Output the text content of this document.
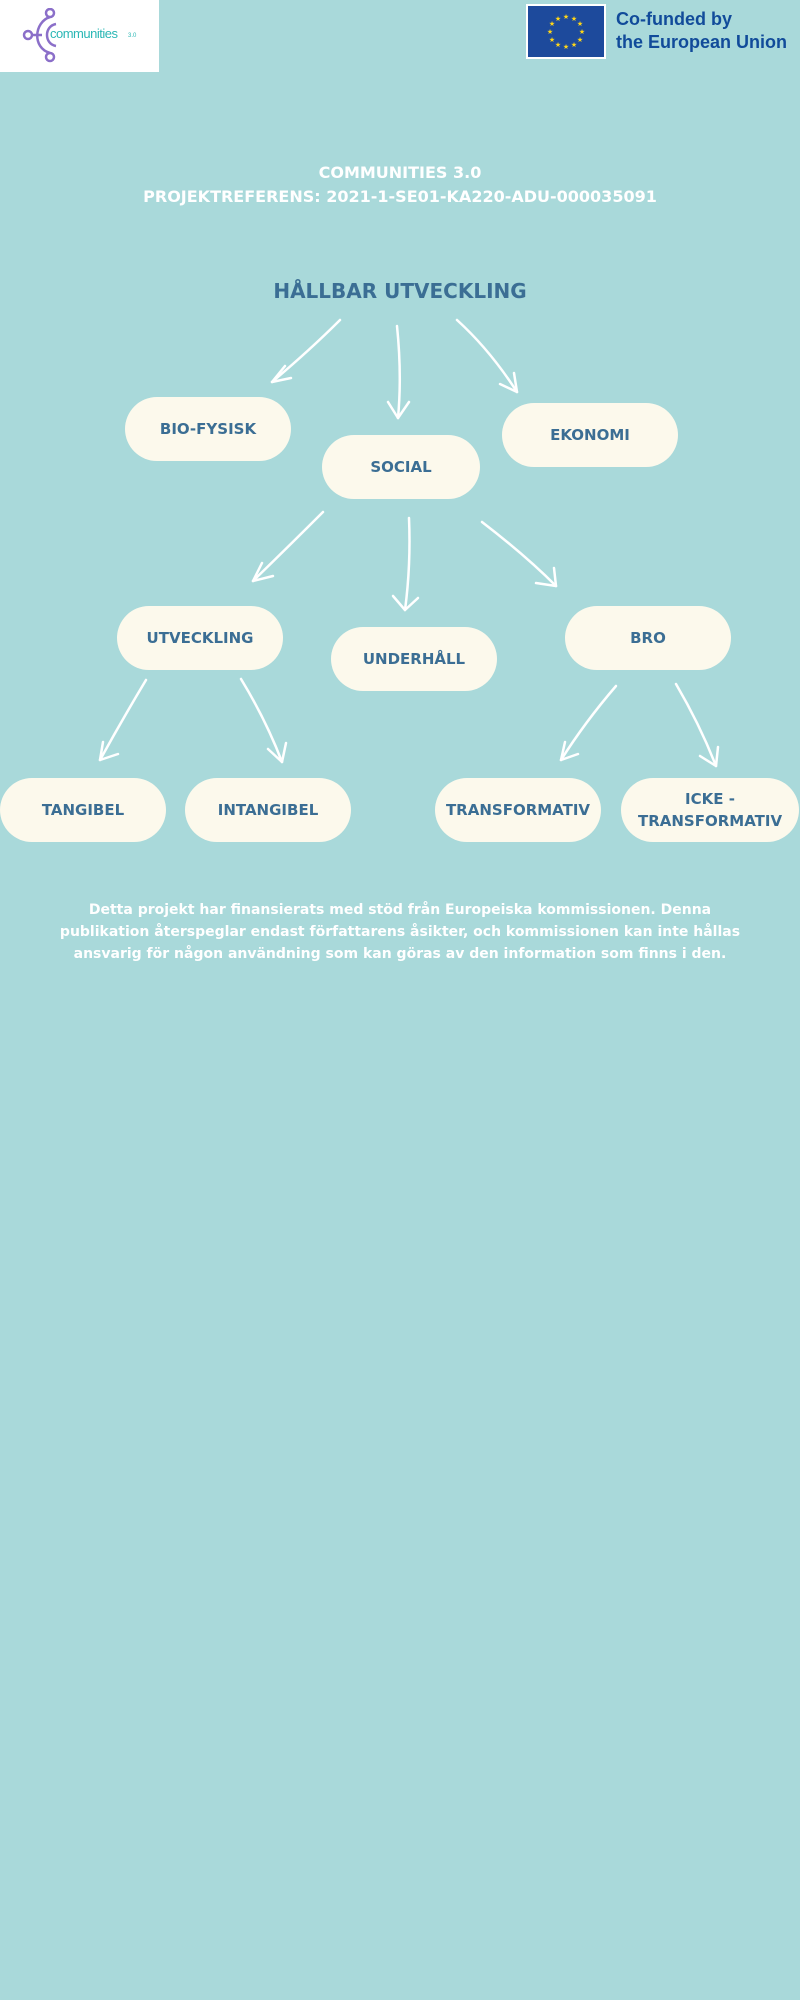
communities 3.0
★ ★
★
★
★
★
★
★
★
★
★
★	Co-funded by
the European Union
COMMUNITIES 3.0
PROJEKTREFERENS: 2021-1-SE01-KA220-ADU-000035091
HÅLLBAR UTVECKLING
BIO-FYSISK
SOCIAL
EKONOMI
UTVECKLING
UNDERHÅLL
BRO
TANGIBEL	INTANGIBEL	TRANSFORMATIV
ICKE - TRANSFORMATIV
Detta projekt har finansierats med stöd från Europeiska kommissionen. Denna publikation återspeglar endast författarens åsikter, och kommissionen kan inte hållas ansvarig för någon användning som kan göras av den information som finns i den.
